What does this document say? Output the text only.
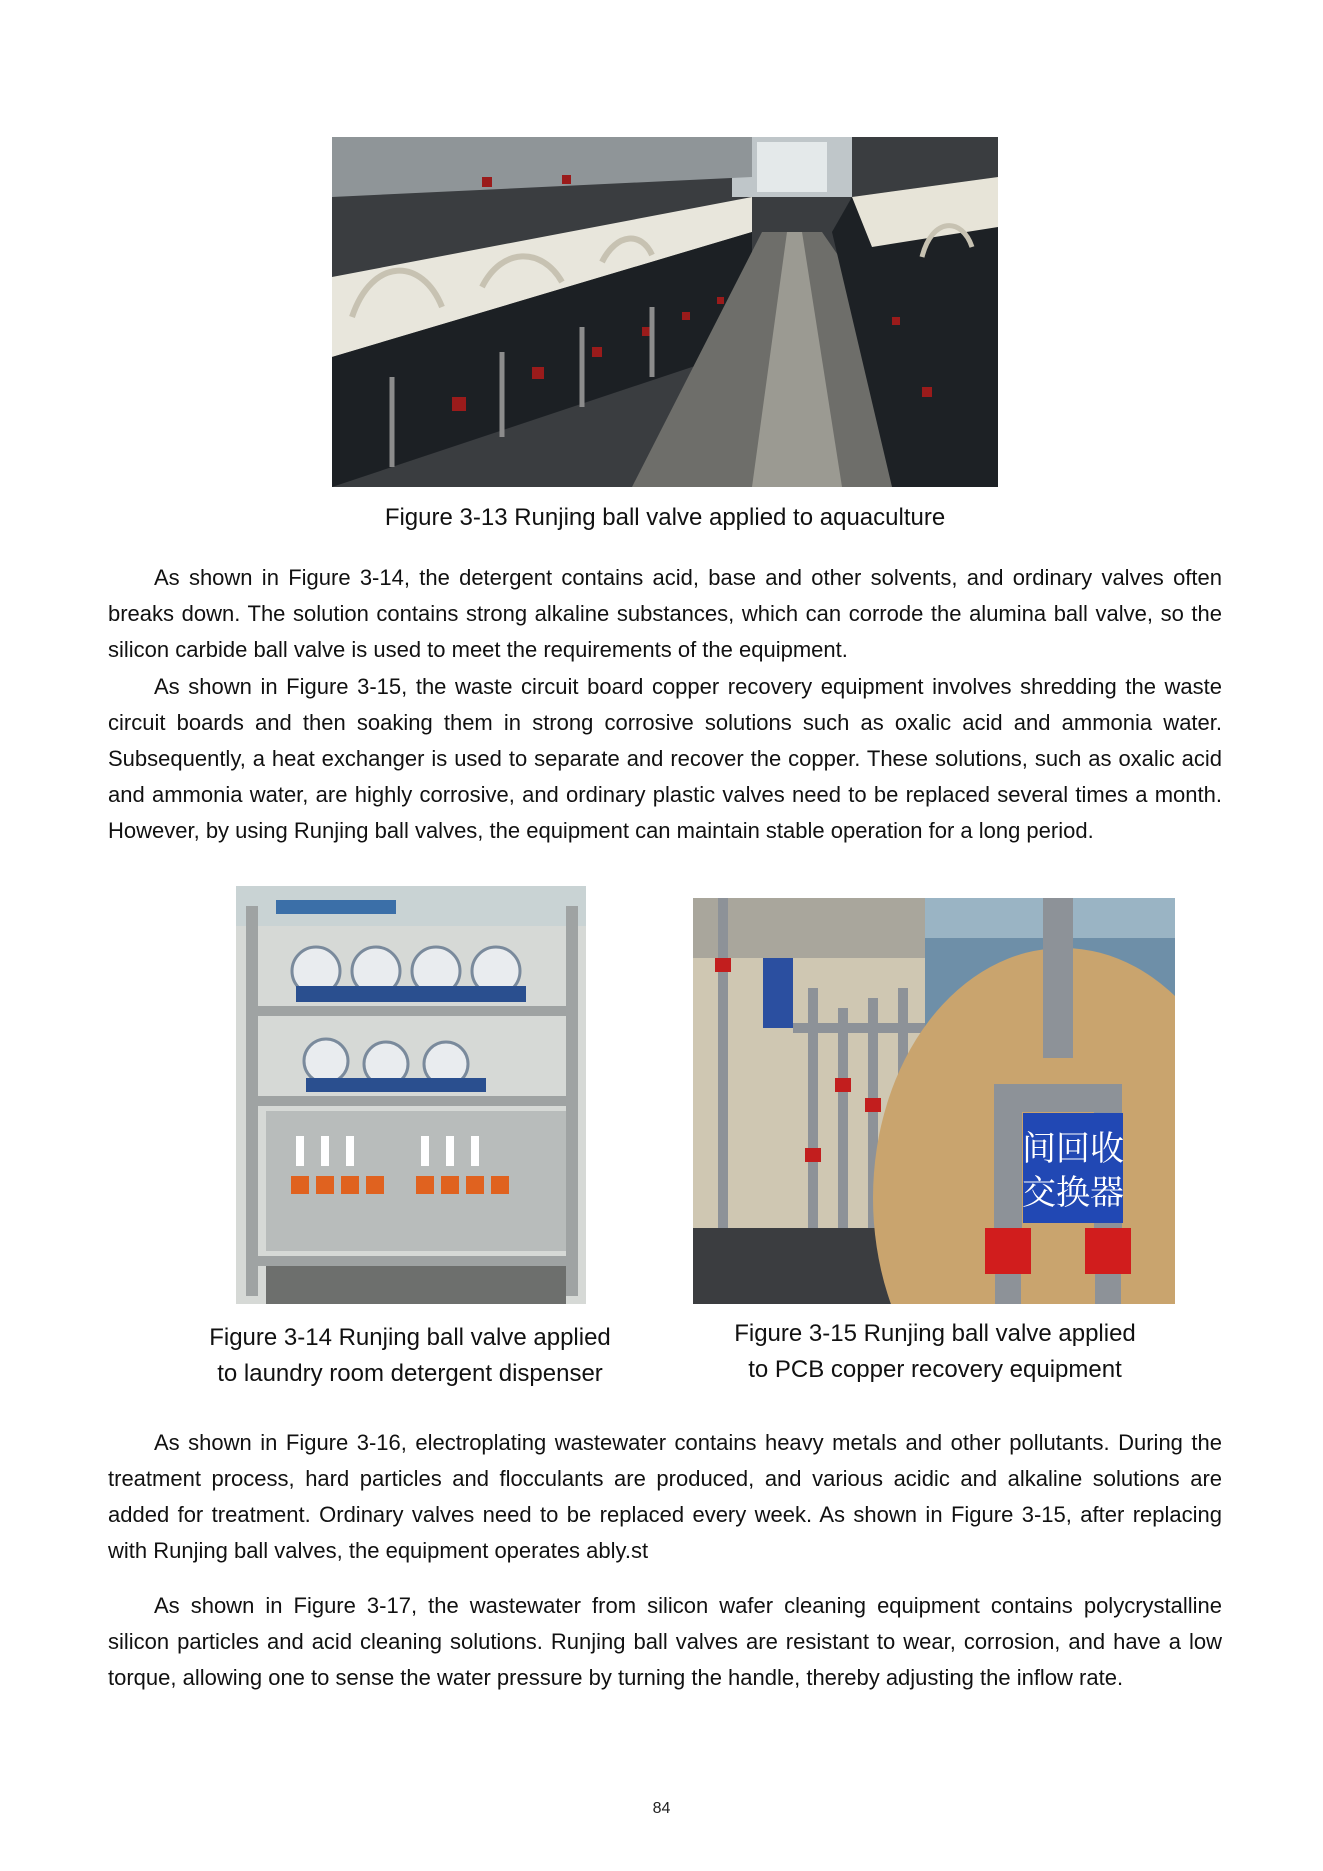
Figure 3-13 Runjing ball valve applied to aquaculture

As shown in Figure 3-14, the detergent contains acid, base and other solvents, and ordinary valves often breaks down. The solution contains strong alkaline substances, which can corrode the alumina ball valve, so the silicon carbide ball valve is used to meet the requirements of the equipment.

As shown in Figure 3-15, the waste circuit board copper recovery equipment involves shredding the waste circuit boards and then soaking them in strong corrosive solutions such as oxalic acid and ammonia water. Subsequently, a heat exchanger is used to separate and recover the copper. These solutions, such as oxalic acid and ammonia water, are highly corrosive, and ordinary plastic valves need to be replaced several times a month. However, by using Runjing ball valves, the equipment can maintain stable operation for a long period.

间回收
交换器
Figure 3-14 Runjing ball valve applied
to laundry room detergent dispenser
Figure 3-15 Runjing ball valve applied
to PCB copper recovery equipment

As shown in Figure 3-16, electroplating wastewater contains heavy metals and other pollutants. During the treatment process, hard particles and flocculants are produced, and various acidic and alkaline solutions are added for treatment. Ordinary valves need to be replaced every week. As shown in Figure 3-15, after replacing with Runjing ball valves, the equipment operates ably.st

As shown in Figure 3-17, the wastewater from silicon wafer cleaning equipment contains polycrystalline silicon particles and acid cleaning solutions. Runjing ball valves are resistant to wear, corrosion, and have a low torque, allowing one to sense the water pressure by turning the handle, thereby adjusting the inflow rate.

84
